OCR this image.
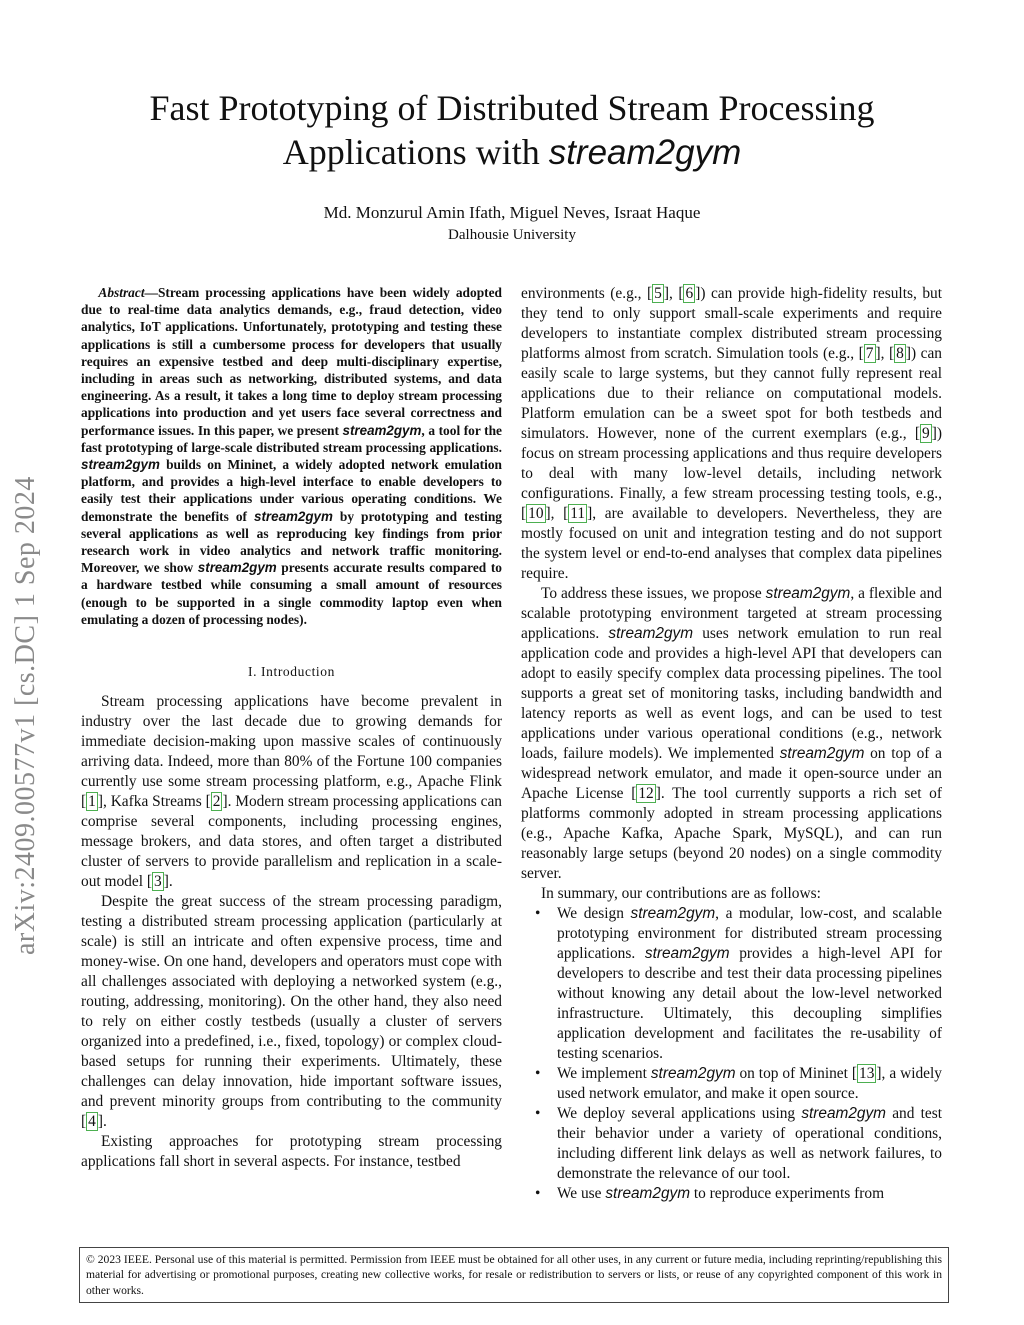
arXiv:2409.00577v1 [cs.DC] 1 Sep 2024
Fast Prototyping of Distributed Stream Processing
Applications with stream2gym
Md. Monzurul Amin Ifath, Miguel Neves, Israat Haque
Dalhousie University
Abstract—Stream processing applications have been widely adopted due to real-time data analytics demands, e.g., fraud detection, video analytics, IoT applications. Unfortunately, prototyping and testing these applications is still a cumbersome process for developers that usually requires an expensive testbed and deep multi-disciplinary expertise, including in areas such as networking, distributed systems, and data engineering. As a result, it takes a long time to deploy stream processing applications into production and yet users face several correctness and performance issues. In this paper, we present stream2gym, a tool for the fast prototyping of large-scale distributed stream processing applications. stream2gym builds on Mininet, a widely adopted network emulation platform, and provides a high-level interface to enable developers to easily test their applications under various operating conditions. We demonstrate the benefits of stream2gym by prototyping and testing several applications as well as reproducing key findings from prior research work in video analytics and network traffic monitoring. Moreover, we show stream2gym presents accurate results compared to a hardware testbed while consuming a small amount of resources (enough to be supported in a single commodity laptop even when emulating a dozen of processing nodes).
I. Introduction

Stream processing applications have become prevalent in industry over the last decade due to growing demands for immediate decision-making upon massive scales of continuously arriving data. Indeed, more than 80% of the Fortune 100 companies currently use some stream processing platform, e.g., Apache Flink [ 1 ], Kafka Streams [ 2 ]. Modern stream processing applications can comprise several components, including processing engines, message brokers, and data stores, and often target a distributed cluster of servers to provide parallelism and replication in a scale-out model [ 3 ].

Despite the great success of the stream processing paradigm, testing a distributed stream processing application (particularly at scale) is still an intricate and often expensive process, time and money-wise. On one hand, developers and operators must cope with all challenges associated with deploying a networked system (e.g., routing, addressing, monitoring). On the other hand, they also need to rely on either costly testbeds (usually a cluster of servers organized into a predefined, i.e., fixed, topology) or complex cloud-based setups for running their experiments. Ultimately, these challenges can delay innovation, hide important software issues, and prevent minority groups from contributing to the community [ 4 ].

Existing approaches for prototyping stream processing applications fall short in several aspects. For instance, testbed

environments (e.g., [ 5 ], [ 6 ]) can provide high-fidelity results, but they tend to only support small-scale experiments and require developers to instantiate complex distributed stream processing platforms almost from scratch. Simulation tools (e.g., [ 7 ], [ 8 ]) can easily scale to large systems, but they cannot fully represent real applications due to their reliance on computational models. Platform emulation can be a sweet spot for both testbeds and simulators. However, none of the current exemplars (e.g., [ 9 ]) focus on stream processing applications and thus require developers to deal with many low-level details, including network configurations. Finally, a few stream processing testing tools, e.g., [ 10 ], [ 11 ], are available to developers. Nevertheless, they are mostly focused on unit and integration testing and do not support the system level or end-to-end analyses that complex data pipelines require.

To address these issues, we propose stream2gym, a flexible and scalable prototyping environment targeted at stream processing applications. stream2gym uses network emulation to run real application code and provides a high-level API that developers can adopt to easily specify complex data processing pipelines. The tool supports a great set of monitoring tasks, including bandwidth and latency reports as well as event logs, and can be used to test applications under various operational conditions (e.g., network loads, failure models). We implemented stream2gym on top of a widespread network emulator, and made it open-source under an Apache License [ 12 ]. The tool currently supports a rich set of platforms commonly adopted in stream processing applications (e.g., Apache Kafka, Apache Spark, MySQL), and can run reasonably large setups (beyond 20 nodes) on a single commodity server.

In summary, our contributions are as follows:

• We design stream2gym, a modular, low-cost, and scalable prototyping environment for distributed stream processing applications. stream2gym provides a high-level API for developers to describe and test their data processing pipelines without knowing any detail about the low-level networked infrastructure. Ultimately, this decoupling simplifies application development and facilitates the re-usability of testing scenarios.
• We implement stream2gym on top of Mininet [ 13 ], a widely used network emulator, and make it open source.
• We deploy several applications using stream2gym and test their behavior under a variety of operational conditions, including different link delays as well as network failures, to demonstrate the relevance of our tool.
• We use stream2gym to reproduce experiments from
© 2023 IEEE. Personal use of this material is permitted. Permission from IEEE must be obtained for all other uses, in any current or future media, including reprinting/republishing this material for advertising or promotional purposes, creating new collective works, for resale or redistribution to servers or lists, or reuse of any copyrighted component of this work in other works.
